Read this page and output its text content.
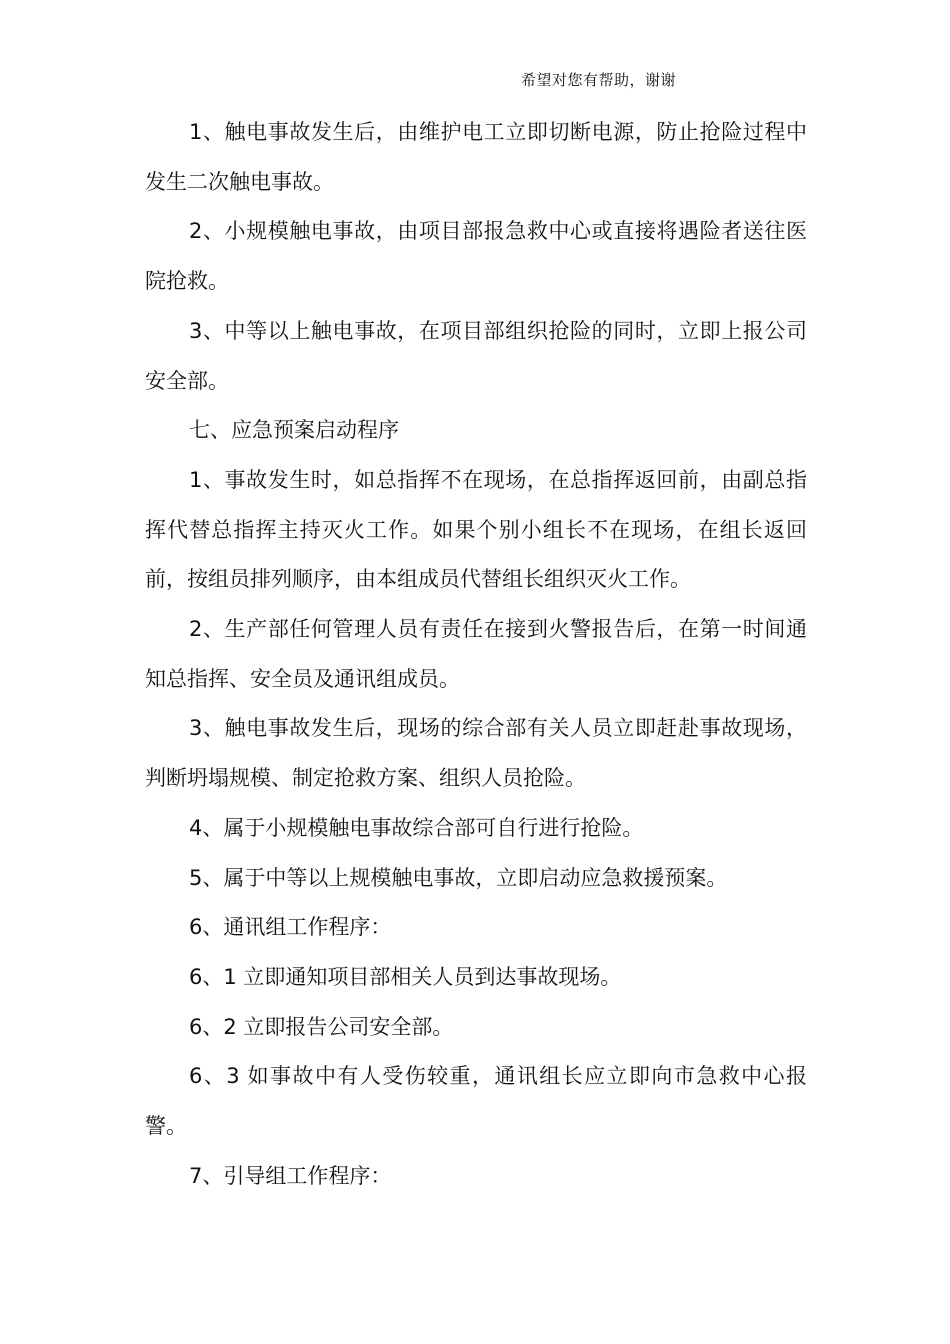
希望对您有帮助，谢谢

1、触电事故发生后，由维护电工立即切断电源，防止抢险过程中发生二次触电事故。

2、小规模触电事故，由项目部报急救中心或直接将遇险者送往医院抢救。

3、中等以上触电事故，在项目部组织抢险的同时，立即上报公司安全部。

七、应急预案启动程序

1、事故发生时，如总指挥不在现场，在总指挥返回前，由副总指挥代替总指挥主持灭火工作。如果个别小组长不在现场，在组长返回前，按组员排列顺序，由本组成员代替组长组织灭火工作。

2、生产部任何管理人员有责任在接到火警报告后，在第一时间通知总指挥、安全员及通讯组成员。

3、触电事故发生后，现场的综合部有关人员立即赶赴事故现场，判断坍塌规模、制定抢救方案、组织人员抢险。

4、属于小规模触电事故综合部可自行进行抢险。

5、属于中等以上规模触电事故，立即启动应急救援预案。

6、通讯组工作程序：

6、1 立即通知项目部相关人员到达事故现场。

6、2 立即报告公司安全部。

6、3 如事故中有人受伤较重，通讯组长应立即向市急救中心报警。

7、引导组工作程序：
